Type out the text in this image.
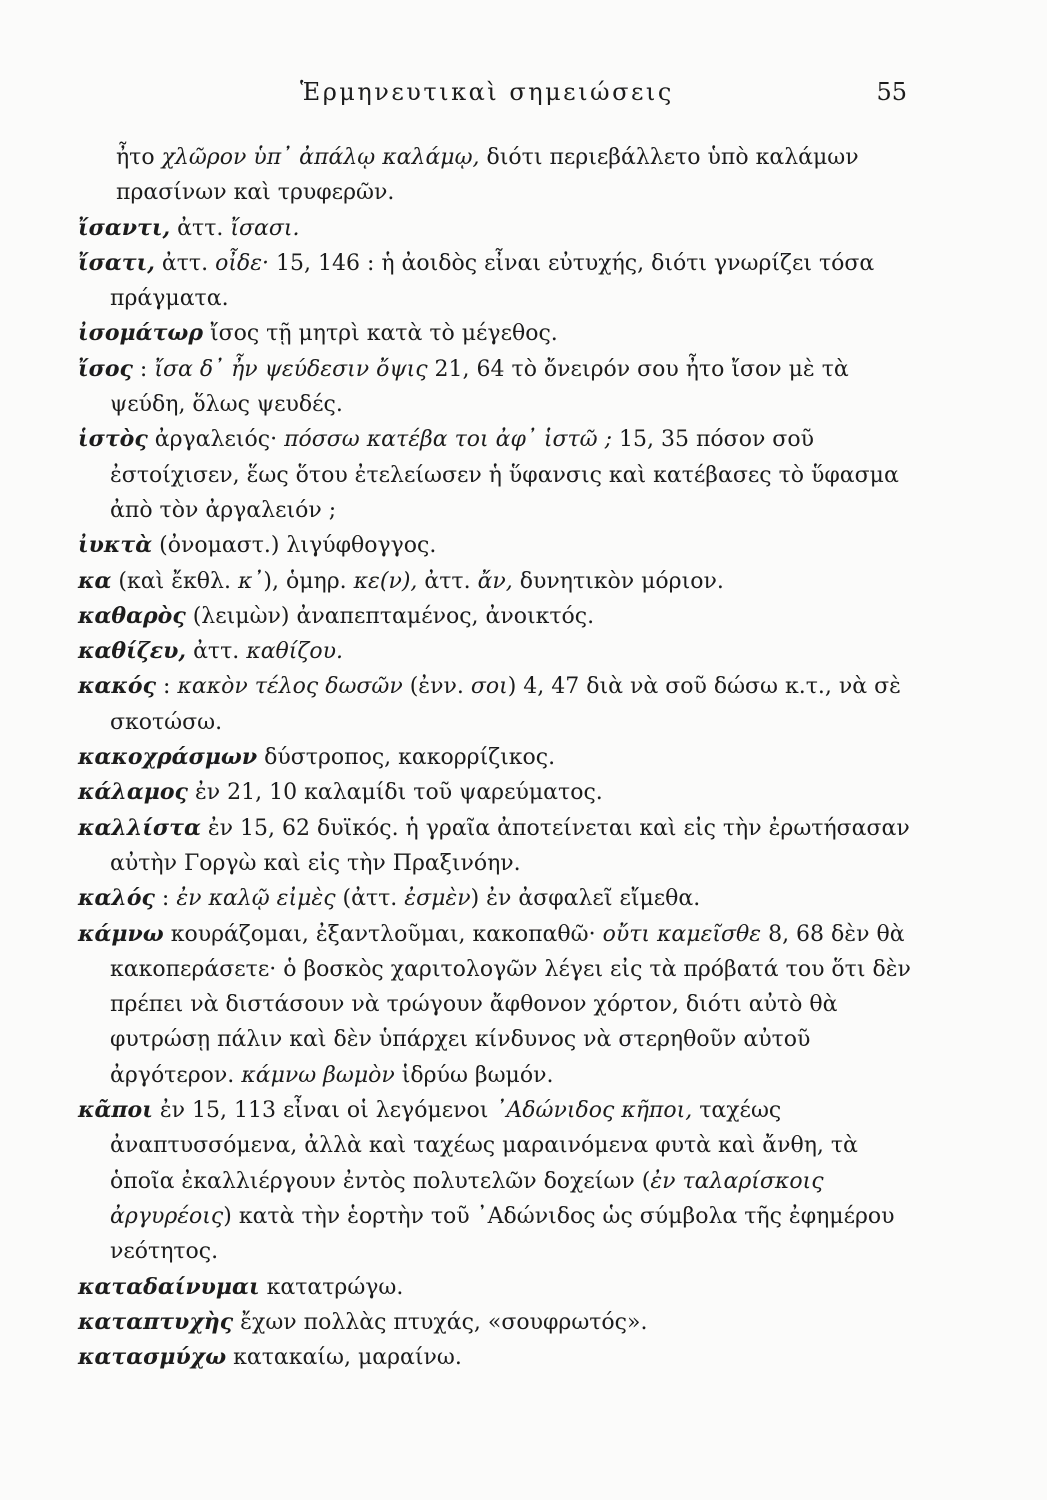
Ἑρμηνευτικαὶ σημειώσεις	55

ἦτο χλῶρον ὑπ᾽ ἀπάλῳ καλάμῳ, διότι περιεβάλλετο ὑπὸ καλάμων πρασίνων καὶ τρυφερῶν.

ἴσαντι, ἀττ. ἴσασι.

ἴσατι, ἀττ. οἶδε· 15, 146 : ἡ ἀοιδὸς εἶναι εὐτυχής, διότι γνωρίζει τόσα πράγματα.

ἰσομάτωρ ἴσος τῇ μητρὶ κατὰ τὸ μέγεθος.

ἴσος : ἴσα δ᾽ ἦν ψεύδεσιν ὄψις 21, 64 τὸ ὄνειρόν σου ἦτο ἴσον μὲ τὰ ψεύδη, ὅλως ψευδές.

ἱστὸς ἀργαλειός· πόσσω κατέβα τοι ἀφ᾽ ἱστῶ ; 15, 35 πόσον σοῦ ἐστοίχισεν, ἕως ὅτου ἐτελείωσεν ἡ ὕφανσις καὶ κατέβασες τὸ ὕφασμα ἀπὸ τὸν ἀργαλειόν ;

ἰυκτὰ (ὀνομαστ.) λιγύφθογγος.

κα (καὶ ἔκθλ. κ᾽), ὁμηρ. κε(ν), ἀττ. ἄν, δυνητικὸν μόριον.

καθαρὸς (λειμὼν) ἀναπεπταμένος, ἀνοικτός.

καθίζευ, ἀττ. καθίζου.

κακός : κακὸν τέλος δωσῶν (ἐνν. σοι) 4, 47 διὰ νὰ σοῦ δώσω κ.τ., νὰ σὲ σκοτώσω.

κακοχράσμων δύστροπος, κακορρίζικος.

κάλαμος ἐν 21, 10 καλαμίδι τοῦ ψαρεύματος.

καλλίστα ἐν 15, 62 δυϊκός. ἡ γραῖα ἀποτείνεται καὶ εἰς τὴν ἐρωτήσασαν αὐτὴν Γοργὼ καὶ εἰς τὴν Πραξινόην.

καλός : ἐν καλῷ εἰμὲς (ἀττ. ἐσμὲν) ἐν ἀσφαλεῖ εἴμεθα.

κάμνω κουράζομαι, ἐξαντλοῦμαι, κακοπαθῶ· οὔτι καμεῖσθε 8, 68 δὲν θὰ κακοπεράσετε· ὁ βοσκὸς χαριτολογῶν λέγει εἰς τὰ πρόβατά του ὅτι δὲν πρέπει νὰ διστάσουν νὰ τρώγουν ἄφθονον χόρτον, διότι αὐτὸ θὰ φυτρώσῃ πάλιν καὶ δὲν ὑπάρχει κίνδυνος νὰ στερηθοῦν αὐτοῦ ἀργότερον. κάμνω βωμὸν ἱδρύω βωμόν.

κᾶποι ἐν 15, 113 εἶναι οἱ λεγόμενοι ᾽Αδώνιδος κῆποι, ταχέως ἀναπτυσσόμενα, ἀλλὰ καὶ ταχέως μαραινόμενα φυτὰ καὶ ἄνθη, τὰ ὁποῖα ἐκαλλιέργουν ἐντὸς πολυτελῶν δοχείων (ἐν ταλαρίσκοις ἀργυρέοις) κατὰ τὴν ἑορτὴν τοῦ ᾽Αδώνιδος ὡς σύμβολα τῆς ἐφημέρου νεότητος.

καταδαίνυμαι κατατρώγω.

καταπτυχὴς ἔχων πολλὰς πτυχάς, «σουφρωτός».

κατασμύχω κατακαίω, μαραίνω.
